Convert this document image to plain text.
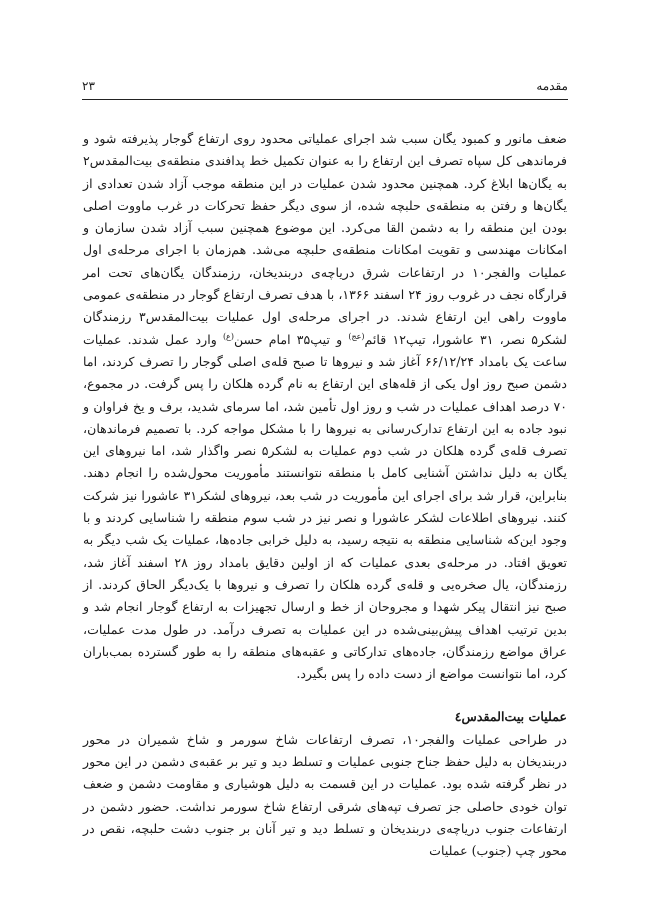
مقدمه
۲۳

ضعف مانور و کمبود یگان سبب شد اجرای عملیاتی محدود روی ارتفاع گوجار پذیرفته شود و فرماندهی کل سپاه تصرف این ارتفاع را به عنوان تکمیل خط پدافندی منطقه‌ی بیت‌المقدس۲ به یگان‌ها ابلاغ کرد. همچنین محدود شدن عملیات در این منطقه موجب آزاد شدن تعدادی از یگان‌ها و رفتن به منطقه‌ی حلبچه شده، از سوی دیگر حفظ تحرکات در غرب ماووت اصلی بودن این منطقه را به دشمن القا می‌کرد. این موضوع همچنین سبب آزاد شدن سازمان و امکانات مهندسی و تقویت امکانات منطقه‌ی حلبچه می‌شد. هم‌زمان با اجرای مرحله‌ی اول عملیات والفجر۱۰ در ارتفاعات شرق دریاچه‌ی دربندیخان، رزمندگان یگان‌های تحت امر قرارگاه نجف در غروب روز ۲۴ اسفند ۱۳۶۶، با هدف تصرف ارتفاع گوجار در منطقه‌ی عمومی ماووت راهی این ارتفاع شدند. در اجرای مرحله‌ی اول عملیات بیت‌المقدس۳ رزمندگان لشکر۵ نصر، ۳۱ عاشورا، تیپ۱۲ قائم$^{(عج)}$ و تیپ۳۵ امام حسن$^{(ع)}$ وارد عمل شدند. عملیات ساعت یک بامداد ۶۶/۱۲/۲۴ آغاز شد و نیروها تا صبح قله‌ی اصلی گوجار را تصرف کردند، اما دشمن صبح روز اول یکی از قله‌های این ارتفاع به نام گرده هلکان را پس گرفت. در مجموع، ۷۰ درصد اهداف عملیات در شب و روز اول تأمین شد، اما سرمای شدید، برف و یخ فراوان و نبود جاده به این ارتفاع تدارک‌رسانی به نیروها را با مشکل مواجه کرد. با تصمیم فرماندهان، تصرف قله‌ی گرده هلکان در شب دوم عملیات به لشکر۵ نصر واگذار شد، اما نیروهای این یگان به دلیل نداشتن آشنایی کامل با منطقه نتوانستند مأموریت محول‌شده را انجام دهند. بنابراین، قرار شد برای اجرای این مأموریت در شب بعد، نیروهای لشکر۳۱ عاشورا نیز شرکت کنند. نیروهای اطلاعات لشکر عاشورا و نصر نیز در شب سوم منطقه را شناسایی کردند و با وجود این‌که شناسایی منطقه به نتیجه رسید، به دلیل خرابی جاده‌ها، عملیات یک شب دیگر به تعویق افتاد. در مرحله‌ی بعدی عملیات که از اولین دقایق بامداد روز ۲۸ اسفند آغاز شد، رزمندگان، یال صخره‌یی و قله‌ی گرده هلکان را تصرف و نیروها با یک‌دیگر الحاق کردند. از صبح نیز انتقال پیکر شهدا و مجروحان از خط و ارسال تجهیزات به ارتفاع گوجار انجام شد و بدین ترتیب اهداف پیش‌بینی‌شده در این عملیات به تصرف درآمد. در طول مدت عملیات، عراق مواضع رزمندگان، جاده‌های تدارکاتی و عقبه‌های منطقه را به طور گسترده بمب‌باران کرد، اما نتوانست مواضع از دست داده را پس بگیرد.

عملیات بیت‌المقدس٤

در طراحی عملیات والفجر۱۰، تصرف ارتفاعات شاخ سورمر و شاخ شمیران در محور دربندیخان به دلیل حفظ جناح جنوبی عملیات و تسلط دید و تیر بر عقبه‌ی دشمن در این محور در نظر گرفته شده بود. عملیات در این قسمت به دلیل هوشیاری و مقاومت دشمن و ضعف توان خودی حاصلی جز تصرف تپه‌های شرقی ارتفاع شاخ سورمر نداشت. حضور دشمن در ارتفاعات جنوب دریاچه‌ی دربندیخان و تسلط دید و تیر آنان بر جنوب دشت حلبچه، نقص در محور چپ (جنوب) عملیات
